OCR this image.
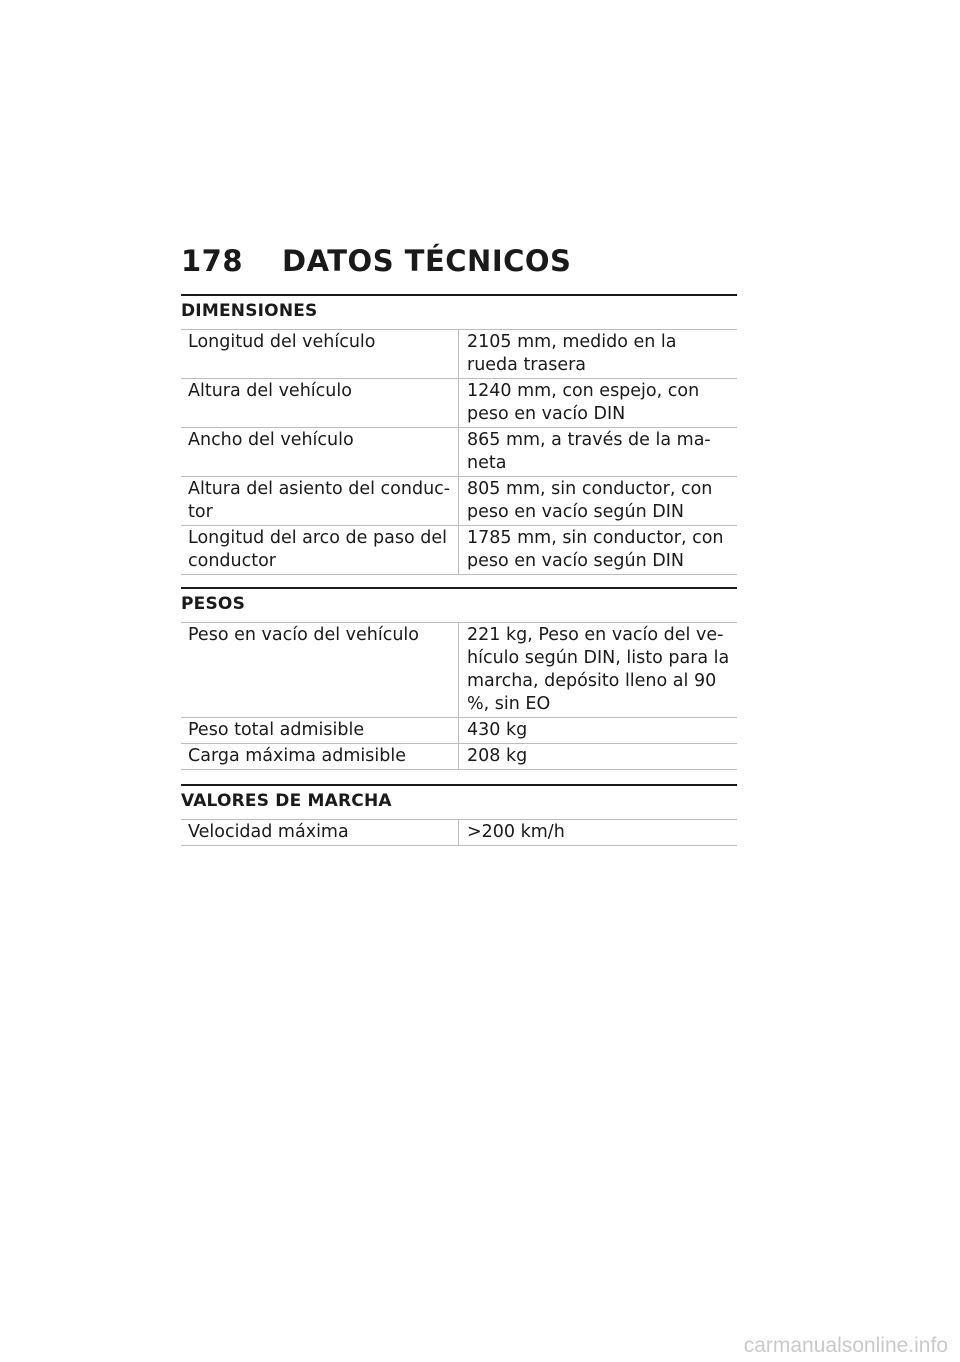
178	DATOS TÉCNICOS
DIMENSIONES
Longitud del vehículo	2105 mm, medido en la rueda trasera
Altura del vehículo	1240 mm, con espejo, con peso en vacío DIN
Ancho del vehículo	865 mm, a través de la ma-neta
Altura del asiento del conduc-tor	805 mm, sin conductor, con peso en vacío según DIN
Longitud del arco de paso del conductor	1785 mm, sin conductor, con peso en vacío según DIN
PESOS
Peso en vacío del vehículo	221 kg, Peso en vacío del ve-hículo según DIN, listo para la marcha, depósito lleno al 90 %, sin EO
Peso total admisible	430 kg
Carga máxima admisible	208 kg
VALORES DE MARCHA
Velocidad máxima	>200 km/h
carmanualsonline.info
